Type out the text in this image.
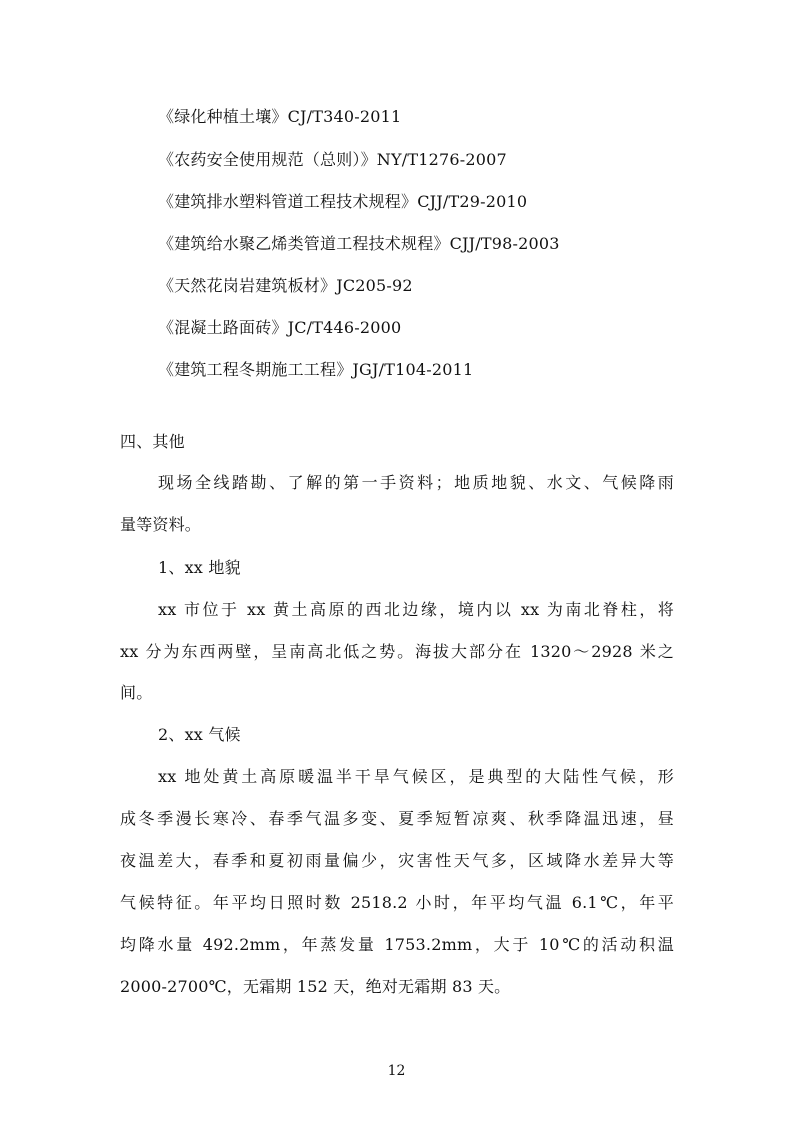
《绿化种植土壤》CJ/T340-2011
《农药安全使用规范（总则）》NY/T1276-2007
《建筑排水塑料管道工程技术规程》CJJ/T29-2010
《建筑给水聚乙烯类管道工程技术规程》CJJ/T98-2003
《天然花岗岩建筑板材》JC205-92
《混凝土路面砖》JC/T446-2000
《建筑工程冬期施工工程》JGJ/T104-2011
四、其他
现场全线踏勘、了解的第一手资料；地质地貌、水文、气候降雨
量等资料。
1、xx 地貌
xx 市位于 xx 黄土高原的西北边缘，境内以 xx 为南北脊柱，将
xx 分为东西两壁，呈南高北低之势。海拔大部分在 1320～2928 米之
间。
2、xx 气候
xx 地处黄土高原暖温半干旱气候区，是典型的大陆性气候，形
成冬季漫长寒冷、春季气温多变、夏季短暂凉爽、秋季降温迅速，昼
夜温差大，春季和夏初雨量偏少，灾害性天气多，区域降水差异大等
气候特征。年平均日照时数 2518.2 小时，年平均气温 6.1℃，年平
均降水量 492.2mm，年蒸发量 1753.2mm，大于 10℃的活动积温
2000-2700℃，无霜期 152 天，绝对无霜期 83 天。
12
